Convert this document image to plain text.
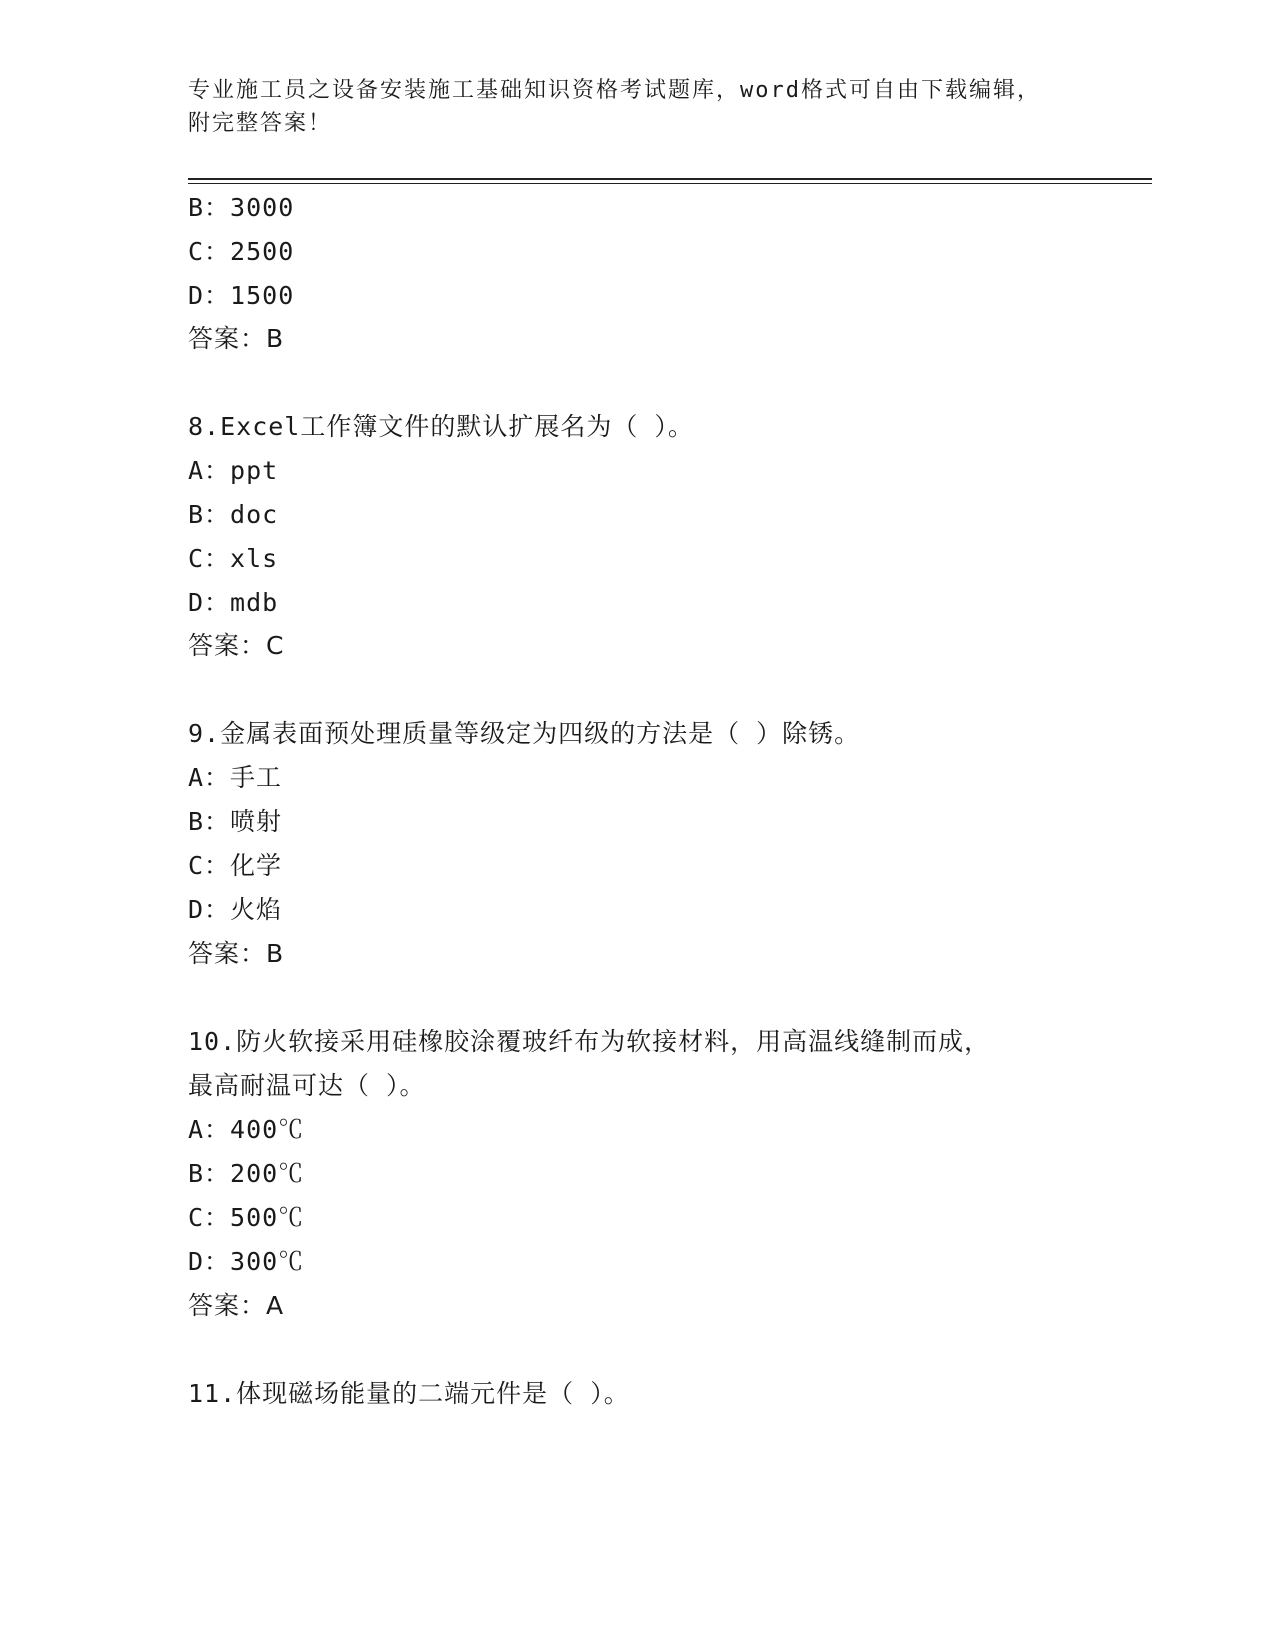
专业施工员之设备安装施工基础知识资格考试题库，word格式可自由下载编辑，
附完整答案！
B：3000
C：2500
D：1500
答案：B
8.Excel工作簿文件的默认扩展名为（ ）。
A：ppt
B：doc
C：xls
D：mdb
答案：C
9.金属表面预处理质量等级定为四级的方法是（ ）除锈。
A：手工
B：喷射
C：化学
D：火焰
答案：B
10.防火软接采用硅橡胶涂覆玻纤布为软接材料，用高温线缝制而成，
最高耐温可达（ ）。
A：400℃
B：200℃
C：500℃
D：300℃
答案：A
11.体现磁场能量的二端元件是（ ）。
